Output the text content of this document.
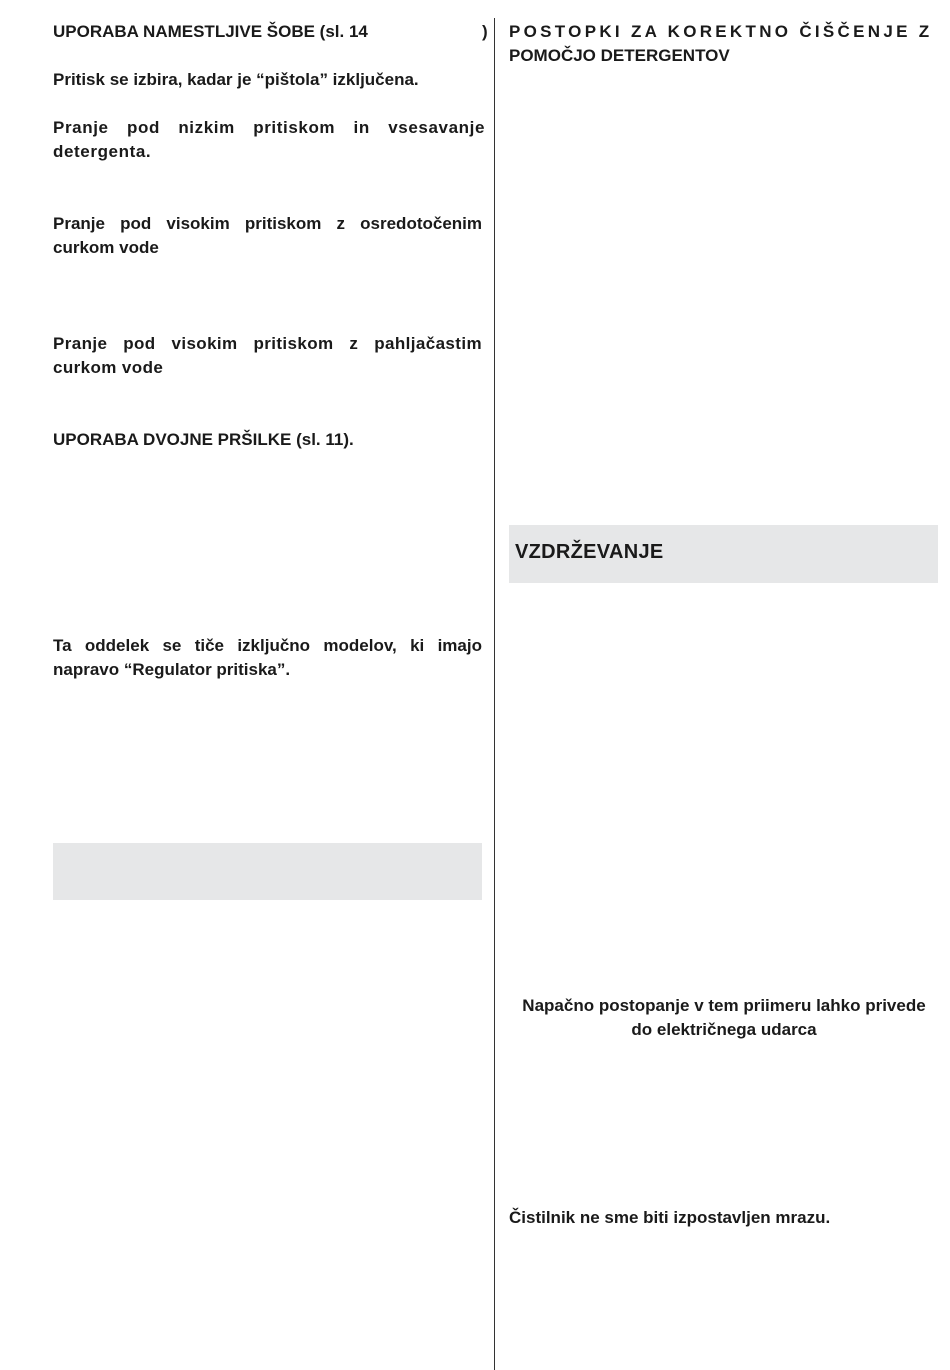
UPORABA NAMESTLJIVE ŠOBE (sl. 14	)

Pritisk se izbira, kadar je “pištola” izključena.

Pranje pod nizkim pritiskom in vsesavanje detergenta.

Pranje pod visokim pritiskom z osredotočenim curkom vode

Pranje pod visokim pritiskom z pahljačastim curkom vode

UPORABA DVOJNE PRŠILKE (sl. 11).

Ta oddelek se tiče izključno modelov, ki imajo napravo “Regulator pritiska”.

POSTOPKI ZA KOREKTNO ČIŠČENJE Z
POMOČJO DETERGENTOV
VZDRŽEVANJE

Napačno postopanje v tem priimeru lahko privede do električnega udarca

Čistilnik ne sme biti izpostavljen mrazu.
